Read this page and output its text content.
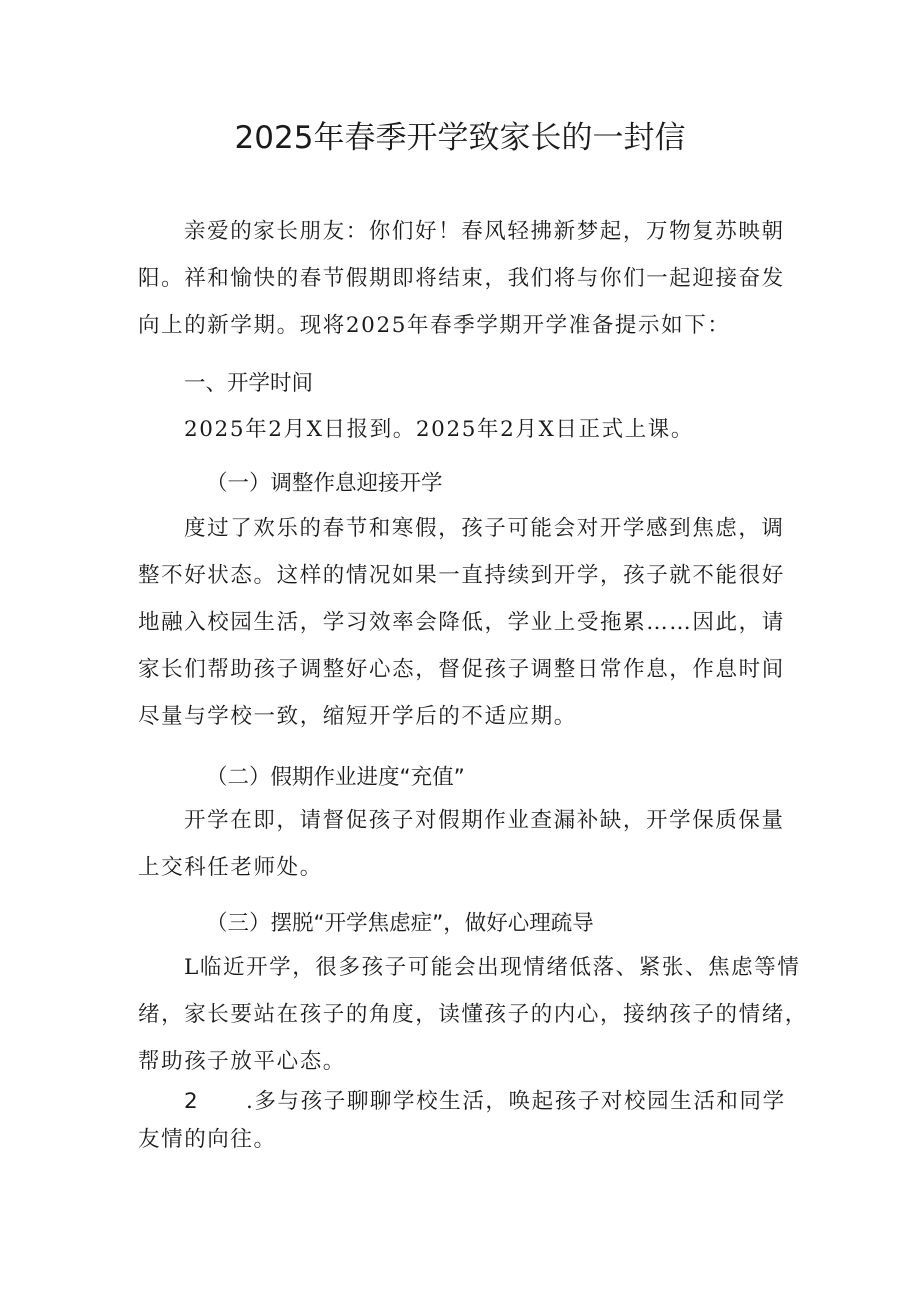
2025年春季开学致家长的一封信

亲爱的家长朋友：你们好！春风轻拂新梦起，万物复苏映朝
阳。祥和愉快的春节假期即将结束，我们将与你们一起迎接奋发
向上的新学期。现将2025年春季学期开学准备提示如下：

一、开学时间

2025年2月X日报到。2025年2月X日正式上课。

（一）调整作息迎接开学

度过了欢乐的春节和寒假，孩子可能会对开学感到焦虑，调
整不好状态。这样的情况如果一直持续到开学，孩子就不能很好
地融入校园生活，学习效率会降低，学业上受拖累……因此，请
家长们帮助孩子调整好心态，督促孩子调整日常作息，作息时间
尽量与学校一致，缩短开学后的不适应期。

（二）假期作业进度“充值”

开学在即，请督促孩子对假期作业查漏补缺，开学保质保量
上交科任老师处。

（三）摆脱“开学焦虑症”，做好心理疏导

L临近开学，很多孩子可能会出现情绪低落、紧张、焦虑等情
绪，家长要站在孩子的角度，读懂孩子的内心，接纳孩子的情绪，
帮助孩子放平心态。

2 .多与孩子聊聊学校生活，唤起孩子对校园生活和同学
友情的向往。
